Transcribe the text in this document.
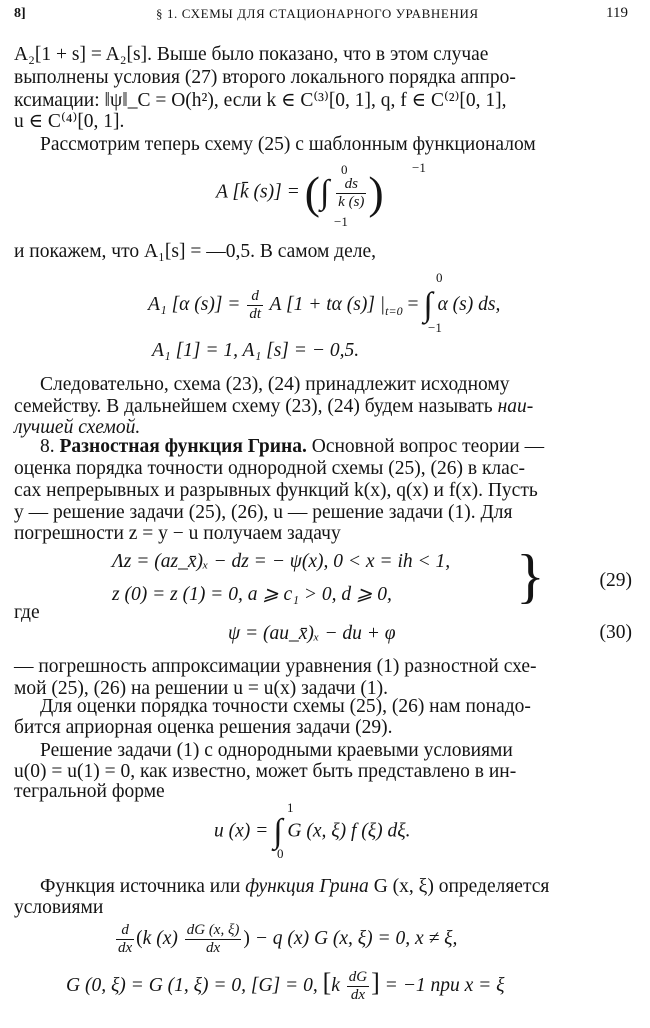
8]	§ 1. СХЕМЫ ДЛЯ СТАЦИОНАРНОГО УРАВНЕНИЯ	119

A₂[1 + s] = A₂[s]. Выше было показано, что в этом случае

выполнены условия (27) второго локального порядка аппро-

ксимации: ‖ψ‖_C = O(h²), если k ∈ C⁽³⁾[0, 1], q, f ∈ C⁽²⁾[0, 1],

u ∈ C⁽⁴⁾[0, 1].

Рассмотрим теперь схему (25) с шаблонным функционалом

A [k̄ (s)] = (∫ $\frac{ds}{k (s)}$ )
0
−1
−1

и покажем, что A₁[s] = —0,5. В самом деле,

A₁ [α $(s)] = \frac{d}{dt}$ A [1 + tα (s)] $|_{t=0}$ = ∫ α (s) ds,
0
−1
A₁ [1] = 1, A₁ [s] = − 0,5.

Следовательно, схема (23), (24) принадлежит исходному

семейству. В дальнейшем схему (23), (24) будем называть наи-

лучшей схемой.

8. Разностная функция Грина. Основной вопрос теории —

оценка порядка точности однородной схемы (25), (26) в клас-

сах непрерывных и разрывных функций k(x), q(x) и f(x). Пусть

y — решение задачи (25), (26), u — решение задачи (1). Для

погрешности z = y − u получаем задачу

Λz = (az_x̄)ₓ − dz = − ψ(x), 0 < x = ih < 1,
z (0) = z (1) = 0, a ⩾ c₁ > 0, d ⩾ 0, }	(29)

где

ψ = (au_x̄)ₓ − du + φ	(30)

— погрешность аппроксимации уравнения (1) разностной схе-

мой (25), (26) на решении u = u(x) задачи (1).

Для оценки порядка точности схемы (25), (26) нам понадо-

бится априорная оценка решения задачи (29).

Решение задачи (1) с однородными краевыми условиями

u(0) = u(1) = 0, как известно, может быть представлено в ин-

тегральной форме

u (x) = ∫ G (x, ξ) f (ξ) dξ.
1
0

Функция источника или функция Грина G (x, ξ) определяется

условиями

$\frac{d}{dx} (k$ $(x) \frac{dG (x, \xi)}{dx}$ ) − q (x) G (x, ξ) = 0, x ≠ ξ,
G (0, ξ) = G (1, ξ) = 0, [G] = 0, [$k \frac{dG}{dx}$ ] = −1 при x = ξ
